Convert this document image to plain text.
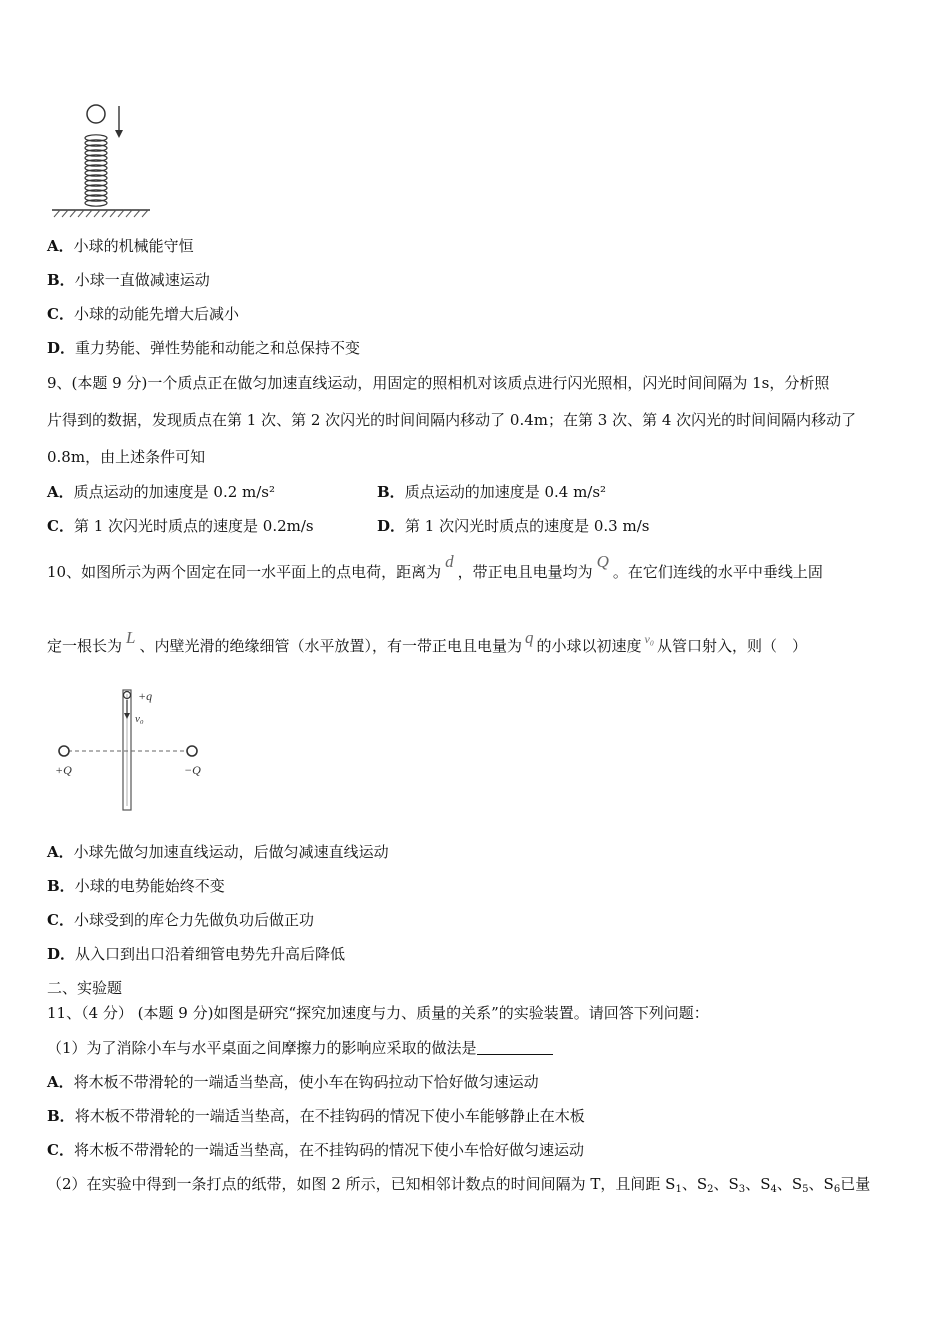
A．小球的机械能守恒
B．小球一直做减速运动
C．小球的动能先增大后减小
D．重力势能、弹性势能和动能之和总保持不变
9、(本题 9 分)一个质点正在做匀加速直线运动，用固定的照相机对该质点进行闪光照相，闪光时间间隔为 1s，分析照
片得到的数据，发现质点在第 1 次、第 2 次闪光的时间间隔内移动了 0.4m；在第 3 次、第 4 次闪光的时间间隔内移动了
0.8m，由上述条件可知
A．质点运动的加速度是 0.2 m/s²	B．质点运动的加速度是 0.4 m/s²
C．第 1 次闪光时质点的速度是 0.2m/s	D．第 1 次闪光时质点的速度是 0.3 m/s
10、如图所示为两个固定在同一水平面上的点电荷，距离为d，带正电且电量均为Q。在它们连线的水平中垂线上固
定一根长为 L 、内壁光滑的绝缘细管（水平放置），有一带正电且电量为 q 的小球以初速度 $^{v_0}$ 从管口射入，则（　）
+q
v₀
+Q	−Q
A．小球先做匀加速直线运动，后做匀减速直线运动
B．小球的电势能始终不变
C．小球受到的库仑力先做负功后做正功
D．从入口到出口沿着细管电势先升高后降低
二、实验题
11、（4 分） (本题 9 分)如图是研究“探究加速度与力、质量的关系”的实验装置。请回答下列问题：
（1）为了消除小车与水平桌面之间摩擦力的影响应采取的做法是
A．将木板不带滑轮的一端适当垫高，使小车在钩码拉动下恰好做匀速运动
B．将木板不带滑轮的一端适当垫高，在不挂钩码的情况下使小车能够静止在木板
C．将木板不带滑轮的一端适当垫高，在不挂钩码的情况下使小车恰好做匀速运动
（2）在实验中得到一条打点的纸带，如图 2 所示，已知相邻计数点的时间间隔为 T，且间距 $S_1$、$S_2$、$S_3$、$S_4$、$S_5$、$S_6$已量
